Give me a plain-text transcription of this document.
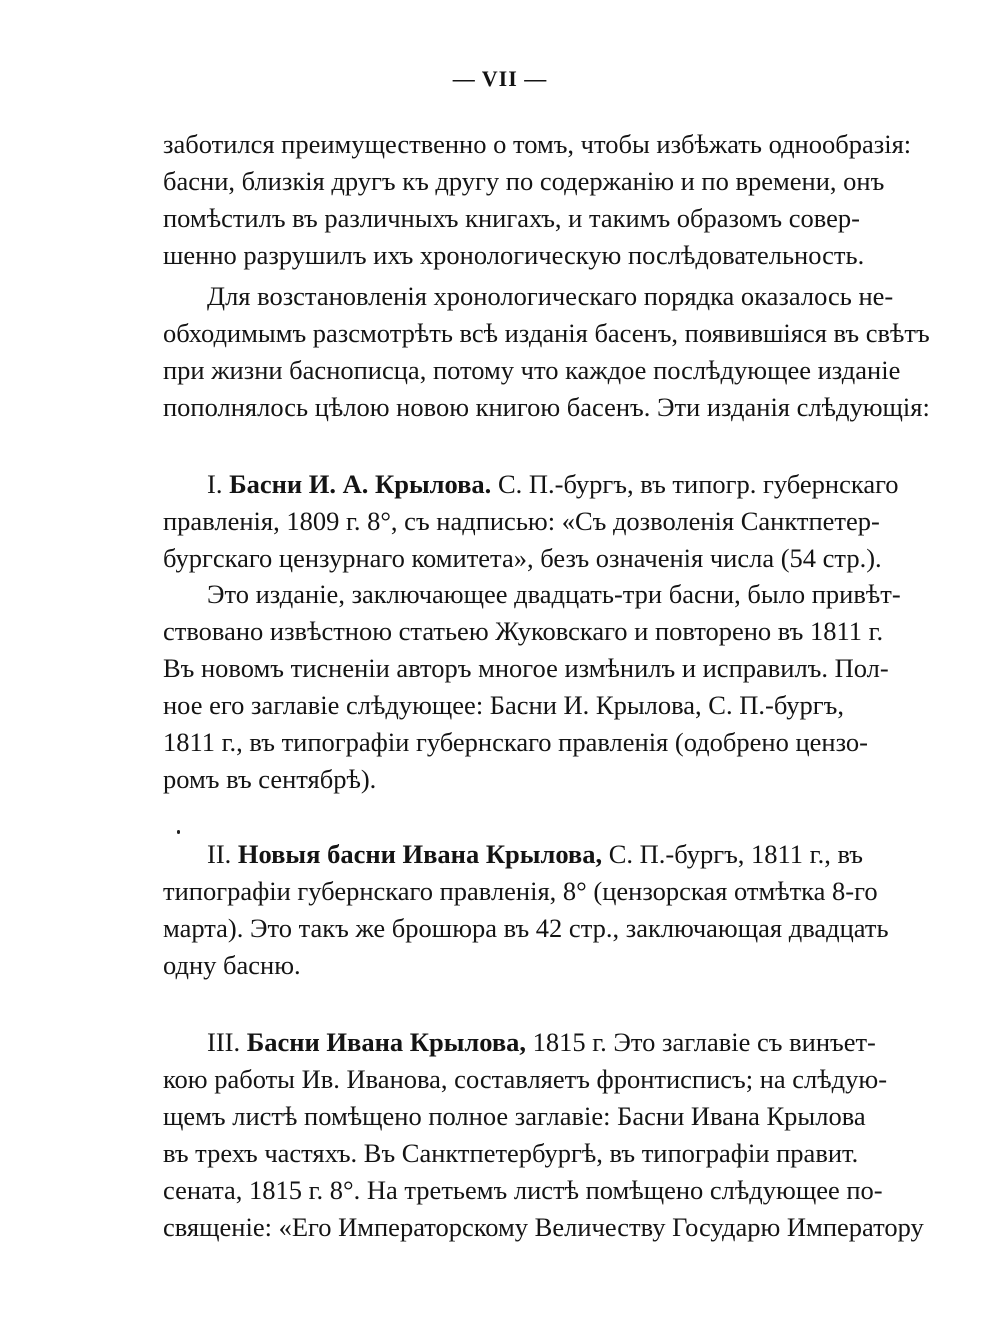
— VII —
заботился преимущественно о томъ, чтобы избѣжать однообразія:
басни, близкія другъ къ другу по содержанію и по времени, онъ
помѣстилъ въ различныхъ книгахъ, и такимъ образомъ совер-
шенно разрушилъ ихъ хронологическую послѣдовательность.
Для возстановленія хронологическаго порядка оказалось не-
обходимымъ разсмотрѣть всѣ изданія басенъ, появившіяся въ свѣтъ
при жизни баснописца, потому что каждое послѣдующее изданіе
пополнялось цѣлою новою книгою басенъ. Эти изданія слѣдующія:
I. Басни И. А. Крылова. С. П.-бургъ, въ типогр. губернскаго
правленія, 1809 г. 8°, съ надписью: «Съ дозволенія Санктпетер-
бургскаго цензурнаго комитета», безъ означенія числа (54 стр.).
Это изданіе, заключающее двадцать-три басни, было привѣт-
ствовано извѣстною статьею Жуковскаго и повторено въ 1811 г.
Въ новомъ тисненіи авторъ многое измѣнилъ и исправилъ. Пол-
ное его заглавіе слѣдующее: Басни И. Крылова, С. П.-бургъ,
1811 г., въ типографіи губернскаго правленія (одобрено цензо-
ромъ въ сентябрѣ).
II. Новыя басни Ивана Крылова, С. П.-бургъ, 1811 г., въ
типографіи губернскаго правленія, 8° (цензорская отмѣтка 8-го
марта). Это такъ же брошюра въ 42 стр., заключающая двадцать
одну басню.
III. Басни Ивана Крылова, 1815 г. Это заглавіе съ винъет-
кою работы Ив. Иванова, составляетъ фронтисписъ; на слѣдую-
щемъ листѣ помѣщено полное заглавіе: Басни Ивана Крылова
въ трехъ частяхъ. Въ Санктпетербургѣ, въ типографіи правит.
сената, 1815 г. 8°. На третьемъ листѣ помѣщено слѣдующее по-
священіе: «Его Императорскому Величеству Государю Императору
